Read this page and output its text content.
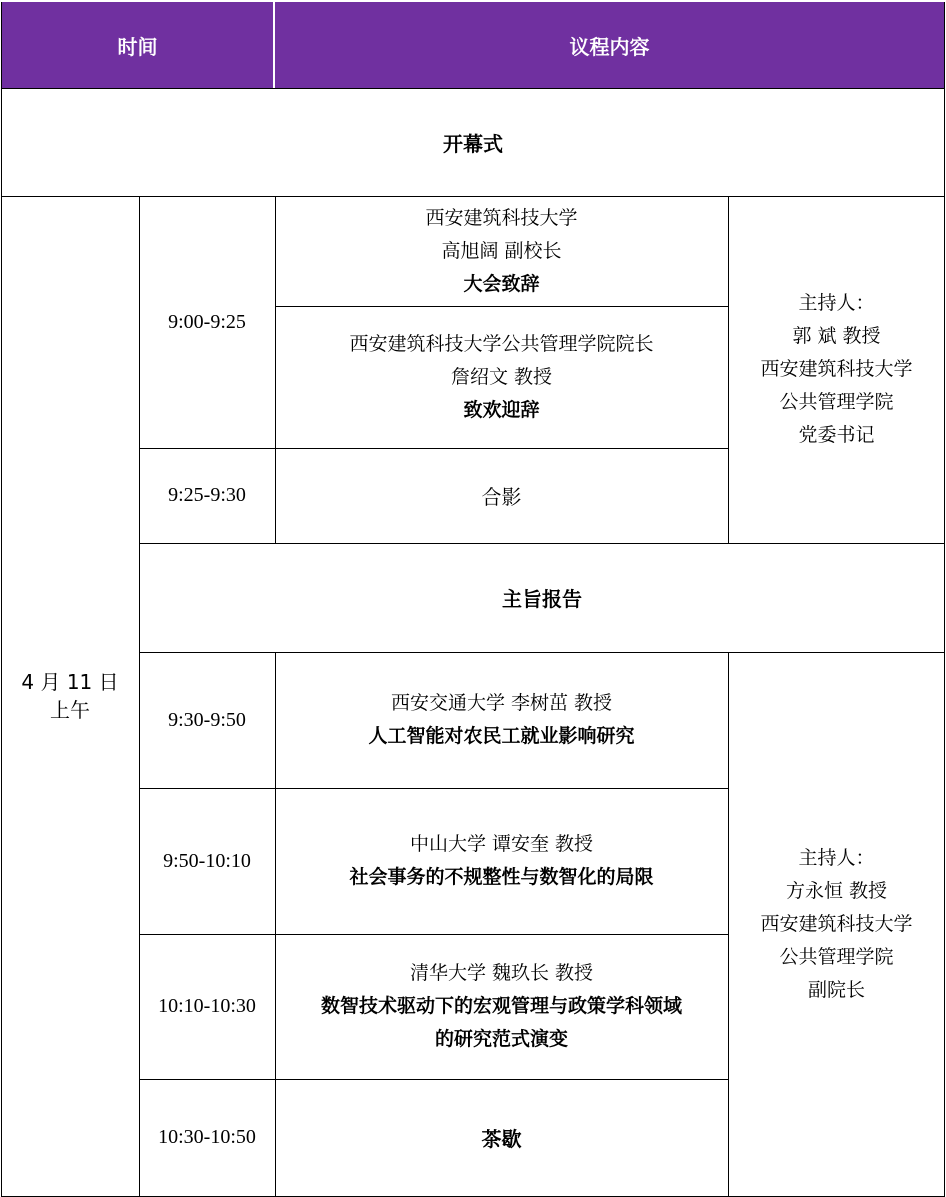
时间	议程内容
开幕式
4 月 11 日
上午
9:00-9:25
9:25-9:30
9:30-9:50
9:50-10:10
10:10-10:30
10:30-10:50
西安建筑科技大学
高旭阔 副校长
大会致辞
西安建筑科技大学公共管理学院院长
詹绍文 教授
致欢迎辞
合影
主持人：
郭 斌 教授
西安建筑科技大学
公共管理学院
党委书记
主旨报告
西安交通大学 李树茁 教授
人工智能对农民工就业影响研究
中山大学 谭安奎 教授
社会事务的不规整性与数智化的局限
清华大学 魏玖长 教授
数智技术驱动下的宏观管理与政策学科领域
的研究范式演变
茶歇
主持人：
方永恒 教授
西安建筑科技大学
公共管理学院
副院长
